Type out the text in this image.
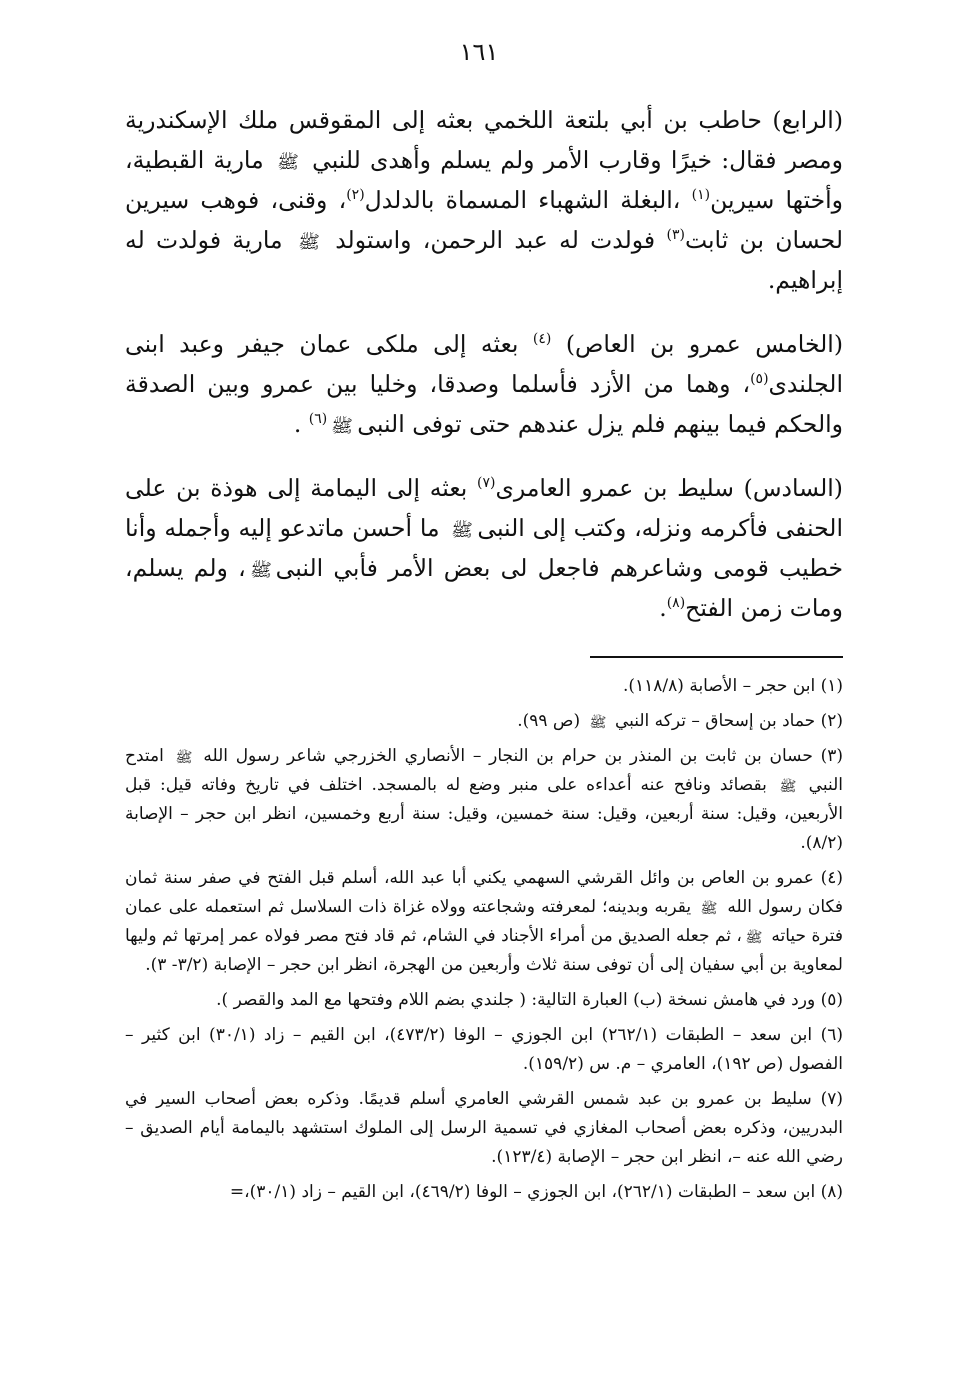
١٦١

(الرابع) حاطب بن أبي بلتعة اللخمي بعثه إلى المقوقس ملك الإسكندرية ومصر فقال: خيرًا وقارب الأمر ولم يسلم وأهدى للنبي
ﷺ
مارية القبطية، وأختها سيرين$^{(١)}$ ،البغلة الشهباء المسماة بالدلدل$^{(٢)}$، وقنى، فوهب سيرين لحسان بن ثابت$^{(٣)}$ فولدت له عبد الرحمن، واستولد
ﷺ
مارية فولدت له إبراهيم.

(الخامس عمرو بن العاص) $^{(٤)}$ بعثه إلى ملكى عمان جيفر وعبد ابنى الجلندى$^{(٥)}$، وهما من الأزد فأسلما وصدقا، وخليا بين عمرو وبين الصدقة والحكم فيما بينهم فلم يزل عندهم حتى توفى النبى
ﷺ
$^{(٦)}$ .

(السادس) سليط بن عمرو العامرى$^{(٧)}$ بعثه إلى اليمامة إلى هوذة بن على الحنفى فأكرمه ونزله، وكتب إلى النبى
ﷺ
ما أحسن ماتدعو إليه وأجمله وأنا خطيب قومى وشاعرهم فاجعل لى بعض الأمر فأبي النبى
ﷺ
، ولم يسلم، ومات زمن الفتح$^{(٨)}$.

(١) ابن حجر – الأصابة (١١٨/٨).

(٢) حماد بن إسحاق – تركه النبي
ﷺ
(ص ٩٩).

(٣) حسان بن ثابت بن المنذر بن حرام بن النجار – الأنصاري الخزرجي شاعر رسول الله
ﷺ
امتدح النبي
ﷺ
بقصائد ونافح عنه أعداءه على منبر وضع له بالمسجد. اختلف في تاريخ وفاته قيل: قبل الأربعين، وقيل: سنة أربعين، وقيل: سنة خمسين، وقيل: سنة أربع وخمسين، انظر ابن حجر – الإصابة (٨/٢).

(٤) عمرو بن العاص بن وائل القرشي السهمي يكني أبا عبد الله، أسلم قبل الفتح في صفر سنة ثمان فكان رسول الله
ﷺ
يقربه وبدينه؛ لمعرفته وشجاعته وولاه غزاة ذات السلاسل ثم استعمله على عمان فترة حياته
ﷺ
، ثم جعله الصديق من أمراء الأجناد في الشام، ثم قاد فتح مصر فولاه عمر إمرتها ثم وليها لمعاوية بن أبي سفيان إلى أن توفى سنة ثلاث وأربعين من الهجرة، انظر ابن حجر – الإصابة (٣/٢- ٣).

(٥) ورد في هامش نسخة (ب) العبارة التالية: ( جلندي بضم اللام وفتحها مع المد والقصر ).

(٦) ابن سعد – الطبقات (٢٦٢/١) ابن الجوزي – الوفا (٤٧٣/٢)، ابن القيم – زاد (٣٠/١) ابن كثير – الفصول (ص ١٩٢)، العامري – م. س (١٥٩/٢).

(٧) سليط بن عمرو بن عبد شمس القرشي العامري أسلم قديمًا. وذكره بعض أصحاب السير في البدريين، وذكره بعض أصحاب المغازي في تسمية الرسل إلى الملوك استشهد باليمامة أيام الصديق – رضي الله عنه –، انظر ابن حجر – الإصابة (١٢٣/٤).

(٨) ابن سعد – الطبقات (٢٦٢/١)، ابن الجوزي – الوفا (٤٦٩/٢)، ابن القيم – زاد (٣٠/١)،=
